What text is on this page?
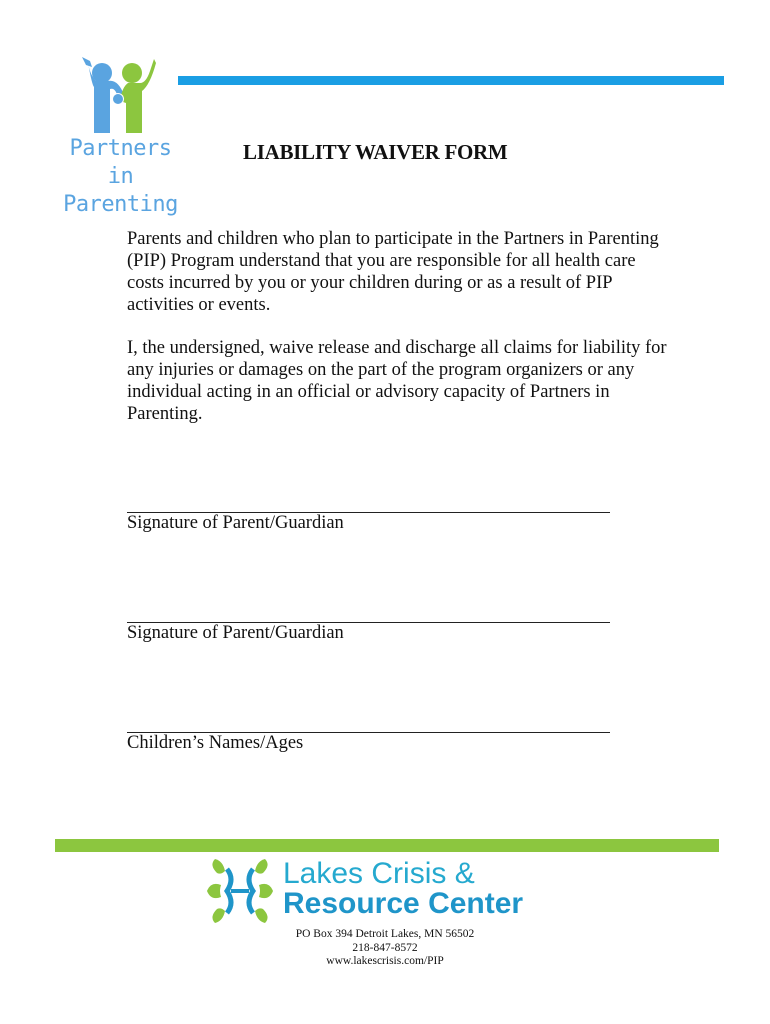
Partners in
Parenting
LIABILITY WAIVER FORM

Parents and children who plan to participate in the Partners in Parenting (PIP) Program understand that you are responsible for all health care costs incurred by you or your children during or as a result of PIP activities or events.

I, the undersigned, waive release and discharge all claims for liability for any injuries or damages on the part of the program organizers or any individual acting in an official or advisory capacity of Partners in Parenting.

Signature of Parent/Guardian
Signature of Parent/Guardian
Children’s Names/Ages
Lakes Crisis &
Resource Center
PO Box 394 Detroit Lakes, MN 56502
218-847-8572
www.lakescrisis.com/PIP
